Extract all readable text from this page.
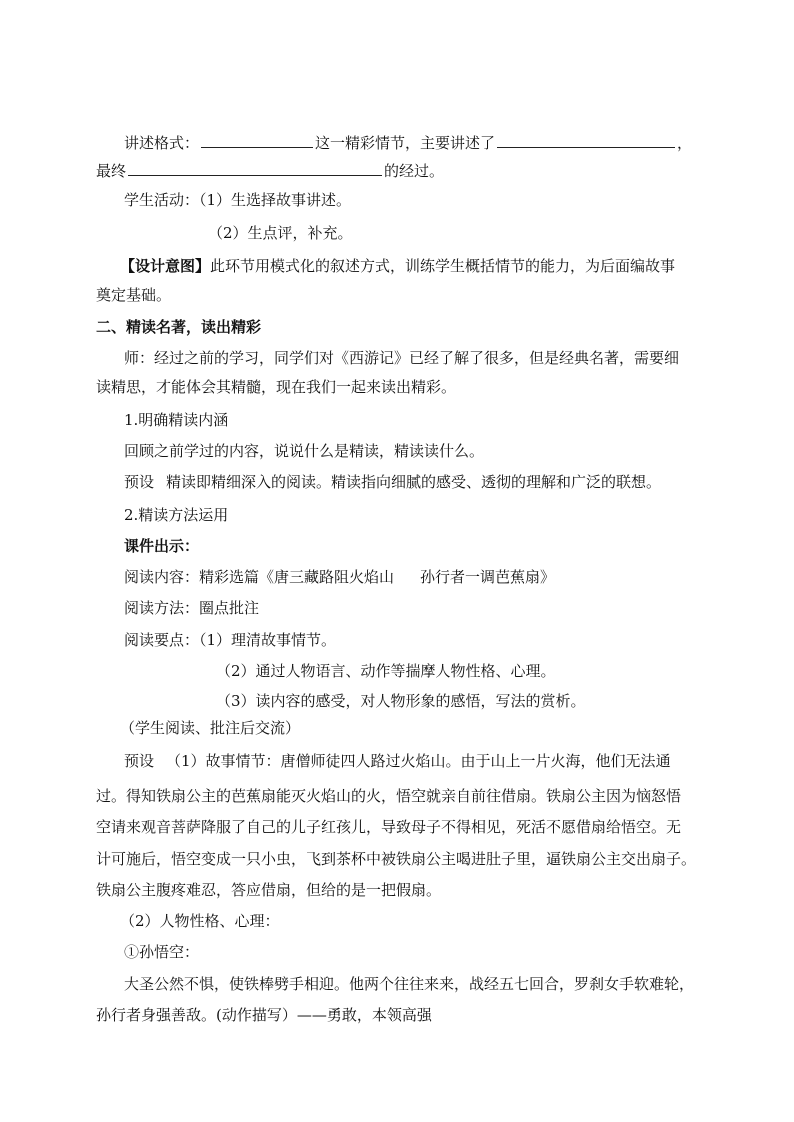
讲述格式：	这一精彩情节，主要讲述了	，
最终	的经过。
学生活动：（1）生选择故事讲述。
（2）生点评，补充。
【设计意图】此环节用模式化的叙述方式，训练学生概括情节的能力，为后面编故事
奠定基础。
二、精读名著，读出精彩
师：经过之前的学习，同学们对《西游记》已经了解了很多，但是经典名著，需要细
读精思，才能体会其精髓，现在我们一起来读出精彩。
1.明确精读内涵
回顾之前学过的内容，说说什么是精读，精读读什么。
预设 精读即精细深入的阅读。精读指向细腻的感受、透彻的理解和广泛的联想。
2.精读方法运用
课件出示：
阅读内容：精彩选篇《唐三藏路阻火焰山 孙行者一调芭蕉扇》
阅读方法：圈点批注
阅读要点：（1）理清故事情节。
（2）通过人物语言、动作等揣摩人物性格、心理。
（3）读内容的感受，对人物形象的感悟，写法的赏析。
（学生阅读、批注后交流）
预设 （1）故事情节：唐僧师徒四人路过火焰山。由于山上一片火海，他们无法通
过。得知铁扇公主的芭蕉扇能灭火焰山的火，悟空就亲自前往借扇。铁扇公主因为恼怒悟
空请来观音菩萨降服了自己的儿子红孩儿，导致母子不得相见，死活不愿借扇给悟空。无
计可施后，悟空变成一只小虫，飞到茶杯中被铁扇公主喝进肚子里，逼铁扇公主交出扇子。
铁扇公主腹疼难忍，答应借扇，但给的是一把假扇。
（2）人物性格、心理：
①孙悟空：
大圣公然不惧，使铁棒劈手相迎。他两个往往来来，战经五七回合，罗刹女手软难轮，
孙行者身强善敌。(动作描写）——勇敢，本领高强
